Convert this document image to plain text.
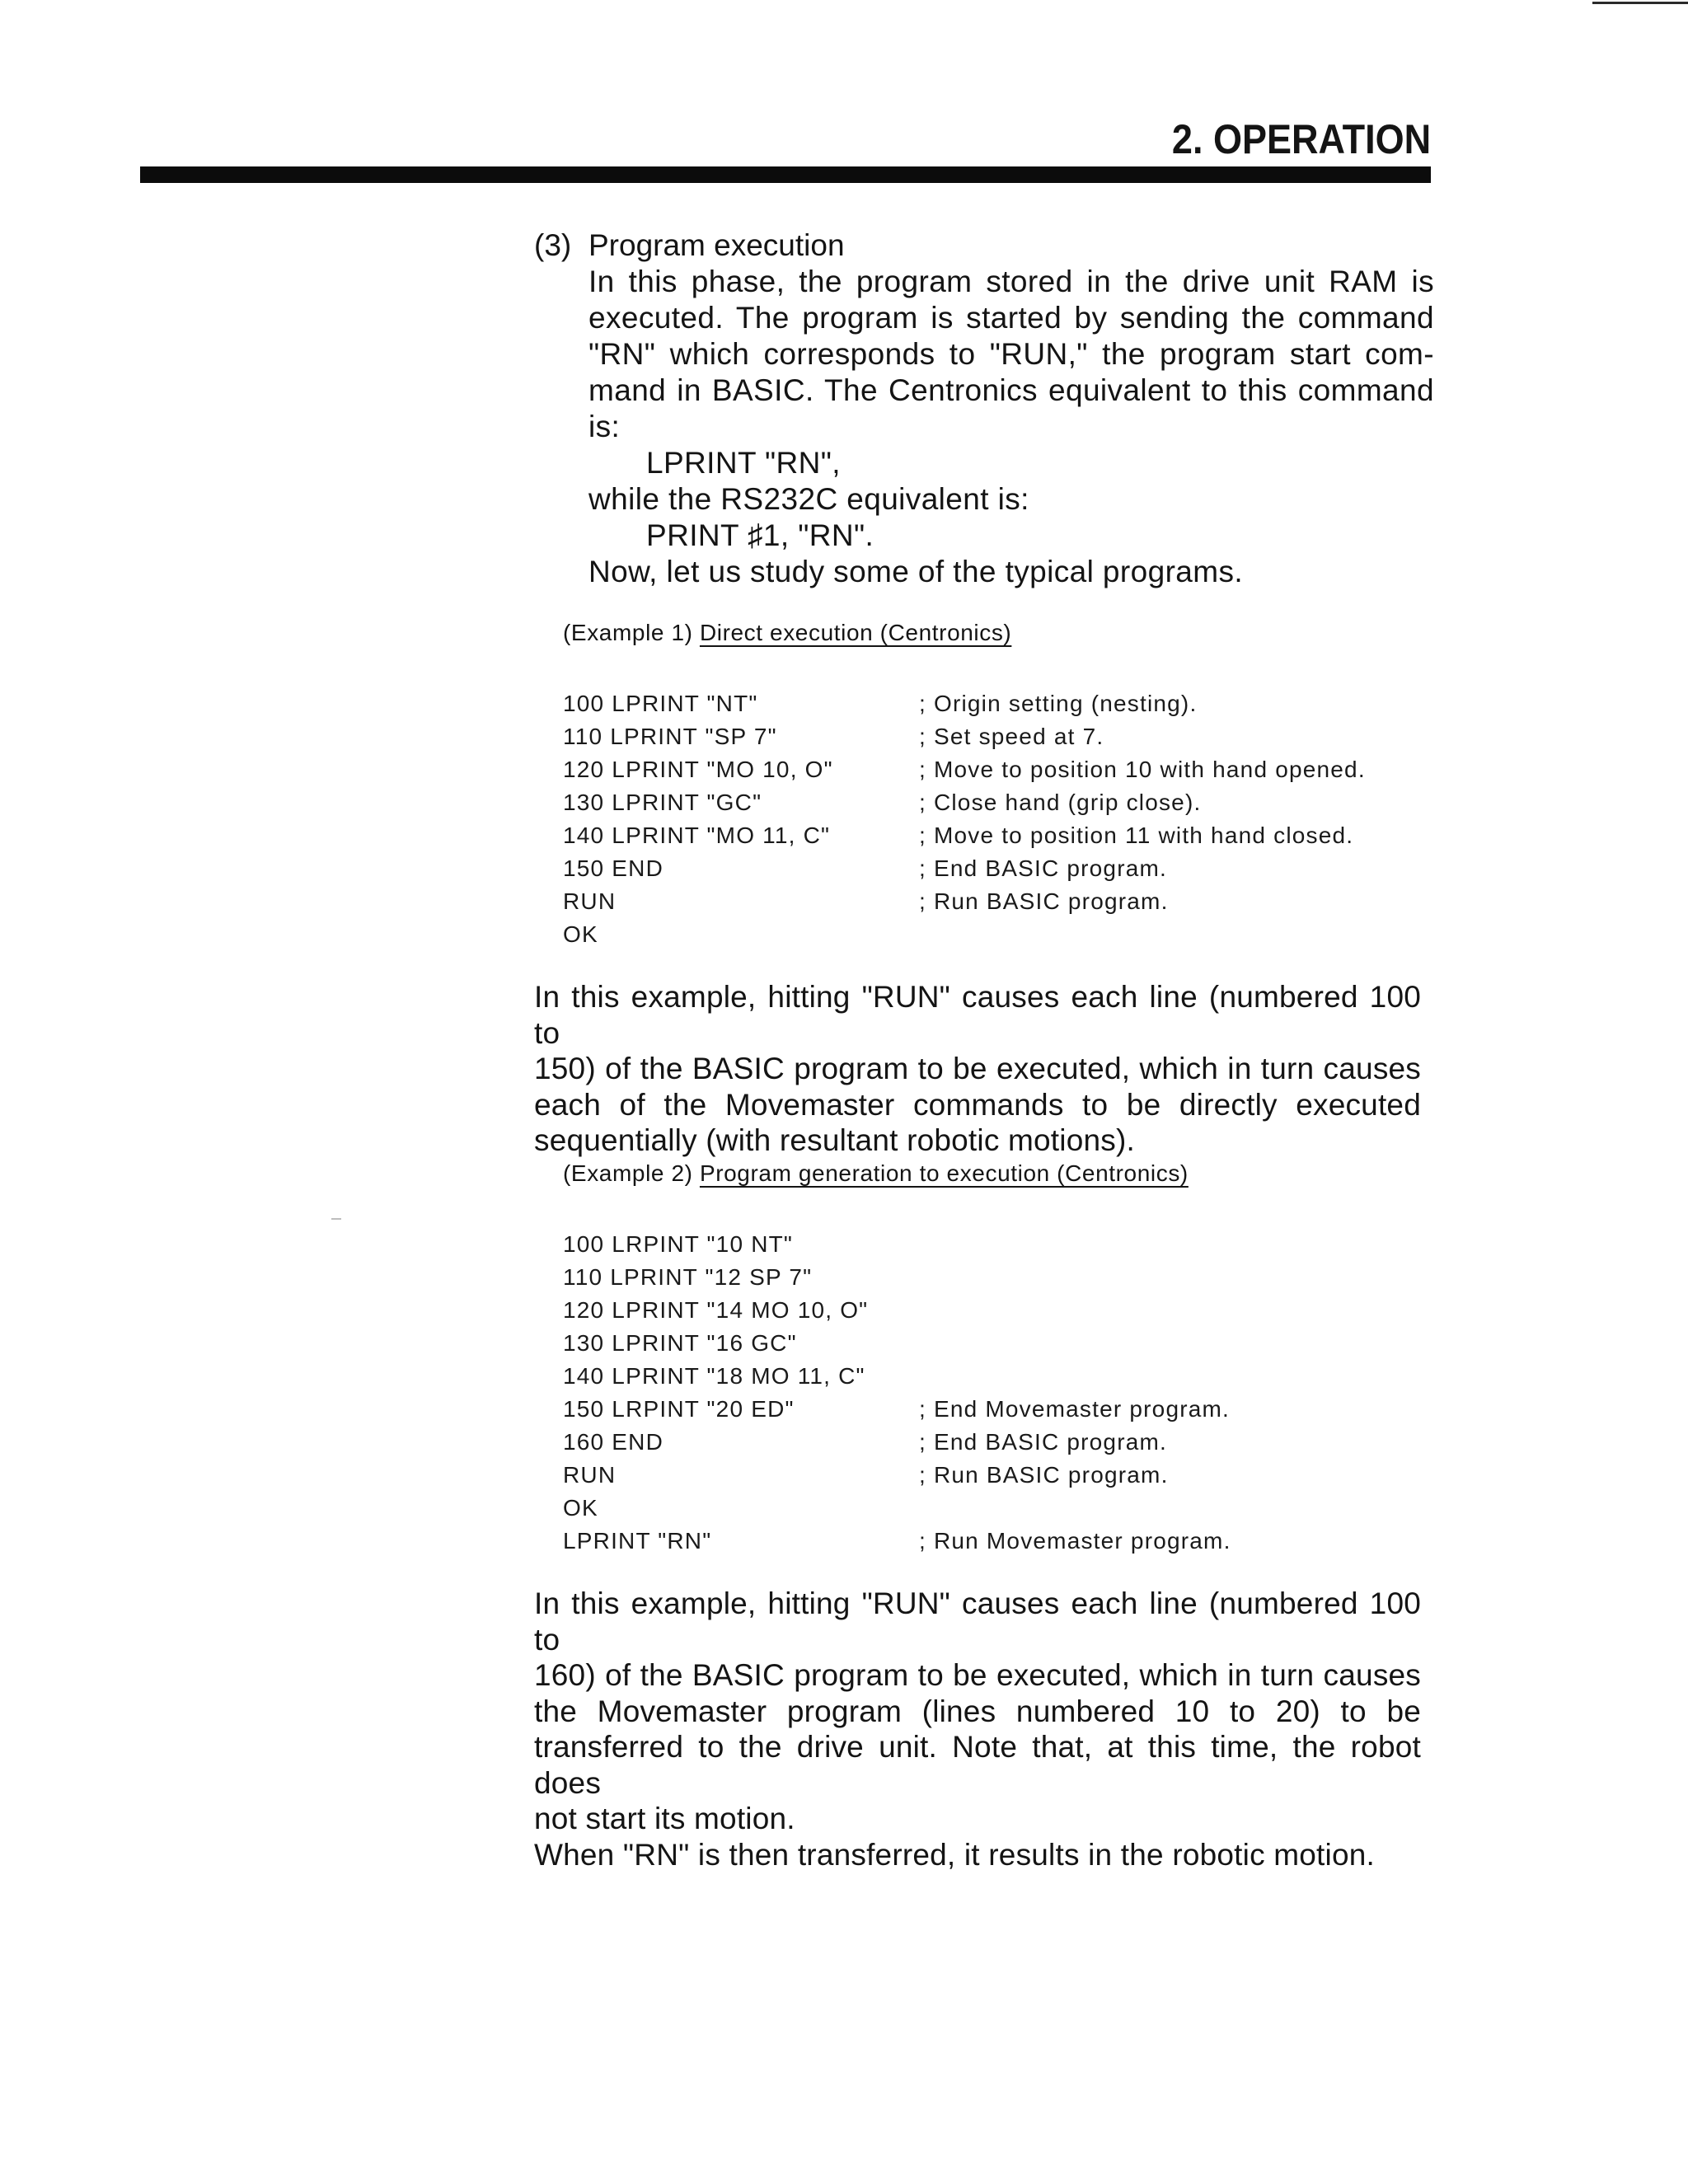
2. OPERATION
(3) Program execution

In this phase, the program stored in the drive unit RAM is

executed. The program is started by sending the command

"RN" which corresponds to "RUN," the program start com-

mand in BASIC. The Centronics equivalent to this command

is:

LPRINT "RN",

while the RS232C equivalent is:

PRINT ♯1, "RN".

Now, let us study some of the typical programs.

(Example 1) Direct execution (Centronics)
100 LPRINT "NT"	; Origin setting (nesting).
110 LPRINT "SP 7"	; Set speed at 7.
120 LPRINT "MO 10, O"	; Move to position 10 with hand opened.
130 LPRINT "GC"	; Close hand (grip close).
140 LPRINT "MO 11, C"	; Move to position 11 with hand closed.
150 END	; End BASIC program.
RUN	; Run BASIC program.
OK

In this example, hitting "RUN" causes each line (numbered 100 to

150) of the BASIC program to be executed, which in turn causes

each of the Movemaster commands to be directly executed

sequentially (with resultant robotic motions).

(Example 2) Program generation to execution (Centronics)
100 LRPINT "10 NT"
110 LPRINT "12 SP 7"
120 LPRINT "14 MO 10, O"
130 LPRINT "16 GC"
140 LPRINT "18 MO 11, C"
150 LRPINT "20 ED"	; End Movemaster program.
160 END	; End BASIC program.
RUN	; Run BASIC program.
OK
LPRINT "RN"	; Run Movemaster program.

In this example, hitting "RUN" causes each line (numbered 100 to

160) of the BASIC program to be executed, which in turn causes

the Movemaster program (lines numbered 10 to 20) to be

transferred to the drive unit. Note that, at this time, the robot does

not start its motion.

When "RN" is then transferred, it results in the robotic motion.
